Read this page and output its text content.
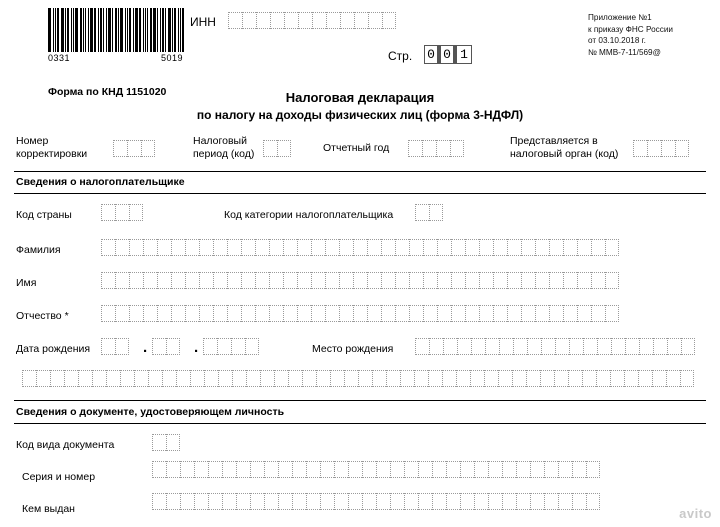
0331	5019
ИНН
Стр. 0 0 1
Приложение №1
к приказу ФНС России
от 03.10.2018 г.
№ ММВ-7-11/569@
Форма по КНД 1151020	Налоговая декларация
по налогу на доходы физических лиц (форма 3-НДФЛ)
Номер
корректировки
Налоговый
период (код)	Отчетный год
Представляется в
налоговый орган (код)
Сведения о налогоплательщике
Код страны	Код категории налогоплательщика
Фамилия
Имя
Отчество *
Дата рождения	.	.	Место рождения
Сведения о документе, удостоверяющем личность
Код вида документа
Серия и номер
Кем выдан	avito
